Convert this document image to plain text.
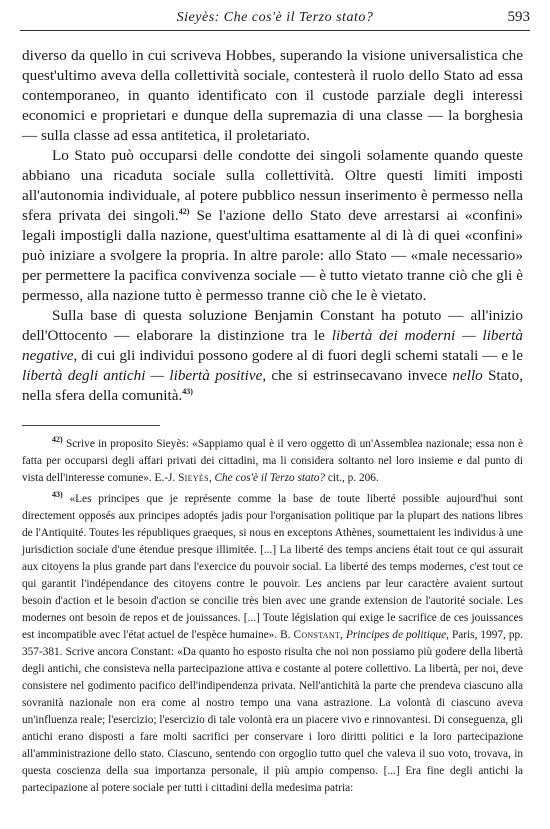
Sieyès: Che cos'è il Terzo stato?	593

diverso da quello in cui scriveva Hobbes, superando la visione universalistica che quest'ultimo aveva della collettività sociale, contesterà il ruolo dello Stato ad essa contemporaneo, in quanto identificato con il custode parziale degli interessi economici e proprietari e dunque della supremazia di una classe — la borghesia — sulla classe ad essa antitetica, il proletariato.

Lo Stato può occuparsi delle condotte dei singoli solamente quando queste abbiano una ricaduta sociale sulla collettività. Oltre questi limiti imposti all'autonomia individuale, al potere pubblico nessun inserimento è permesso nella sfera privata dei singoli.$^{42)}$ Se l'azione dello Stato deve arrestarsi ai «confini» legali impostigli dalla nazione, quest'ultima esattamente al di là di quei «confini» può iniziare a svolgere la propria. In altre parole: allo Stato — «male necessario» per permettere la pacifica convivenza sociale — è tutto vietato tranne ciò che gli è permesso, alla nazione tutto è permesso tranne ciò che le è vietato.

Sulla base di questa soluzione Benjamin Constant ha potuto — all'inizio dell'Ottocento — elaborare la distinzione tra le libertà dei moderni — libertà negative, di cui gli individui possono godere al di fuori degli schemi statali — e le libertà degli antichi — libertà positive, che si estrinsecavano invece nello Stato, nella sfera della comunità.$^{43)}$

$^{42)}$ Scrive in proposito Sieyès: «Sappiamo qual è il vero oggetto di un'Assemblea nazionale; essa non è fatta per occuparsi degli affari privati dei cittadini, ma li considera soltanto nel loro insieme e dal punto di vista dell'interesse comune». E.-J. Sieyès, Che cos'è il Terzo stato? cit., p. 206.

$^{43)}$ «Les principes que je représente comme la base de toute liberté possible aujourd'hui sont directement opposés aux principes adoptés jadis pour l'organisation politique par la plupart des nations libres de l'Antiquité. Toutes les républiques graeques, si nous en exceptons Athènes, soumettaient les individus à une jurisdiction sociale d'une étendue presque illimitée. [...] La liberté des temps anciens était tout ce qui assurait aux citoyens la plus grande part dans l'exercice du pouvoir social. La liberté des temps modernes, c'est tout ce qui garantit l'indépendance des citoyens contre le pouvoir. Les anciens par leur caractère avaient surtout besoin d'action et le besoin d'action se concilie très bien avec une grande extension de l'autorité sociale. Les modernes ont besoin de repos et de jouissances. [...] Toute législation qui exige le sacrifice de ces jouissances est incompatible avec l'état actuel de l'espèce humaine». B. Constant, Principes de politique, Paris, 1997, pp. 357-381. Scrive ancora Constant: «Da quanto ho esposto risulta che noi non possiamo più godere della libertà degli antichi, che consisteva nella partecipazione attiva e costante al potere collettivo. La libertà, per noi, deve consistere nel godimento pacifico dell'indipendenza privata. Nell'antichità la parte che prendeva ciascuno alla sovranità nazionale non era come al nostro tempo una vana astrazione. La volontà di ciascuno aveva un'influenza reale; l'esercizio; l'esercizio di tale volontà era un piacere vivo e rinnovantesi. Di conseguenza, gli antichi erano disposti a fare molti sacrifici per conservare i loro diritti politici e la loro partecipazione all'amministrazione dello stato. Ciascuno, sentendo con orgoglio tutto quel che valeva il suo voto, trovava, in questa coscienza della sua importanza personale, il più ampio compenso. [...] Era fine degli antichi la partecipazione al potere sociale per tutti i cittadini della medesima patria:
